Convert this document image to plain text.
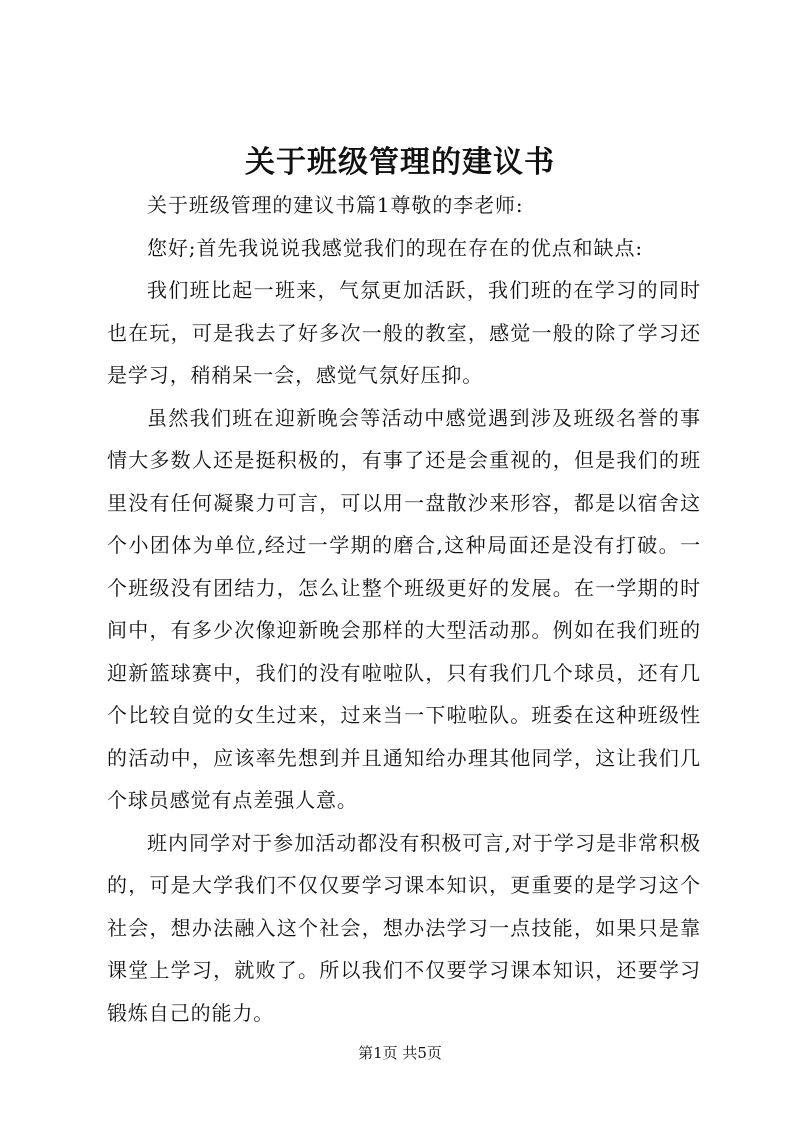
关于班级管理的建议书

关于班级管理的建议书篇1尊敬的李老师:

您好;首先我说说我感觉我们的现在存在的优点和缺点:

我们班比起一班来，气氛更加活跃，我们班的在学习的同时也在玩，可是我去了好多次一般的教室，感觉一般的除了学习还是学习，稍稍呆一会，感觉气氛好压抑。

虽然我们班在迎新晚会等活动中感觉遇到涉及班级名誉的事情大多数人还是挺积极的，有事了还是会重视的，但是我们的班里没有任何凝聚力可言，可以用一盘散沙来形容，都是以宿舍这个小团体为单位,经过一学期的磨合,这种局面还是没有打破。一个班级没有团结力，怎么让整个班级更好的发展。在一学期的时间中，有多少次像迎新晚会那样的大型活动那。例如在我们班的迎新篮球赛中，我们的没有啦啦队，只有我们几个球员，还有几个比较自觉的女生过来，过来当一下啦啦队。班委在这种班级性的活动中，应该率先想到并且通知给办理其他同学，这让我们几个球员感觉有点差强人意。

班内同学对于参加活动都没有积极可言,对于学习是非常积极的，可是大学我们不仅仅要学习课本知识，更重要的是学习这个社会，想办法融入这个社会，想办法学习一点技能，如果只是靠课堂上学习，就败了。所以我们不仅要学习课本知识，还要学习锻炼自己的能力。

第1页 共5页
